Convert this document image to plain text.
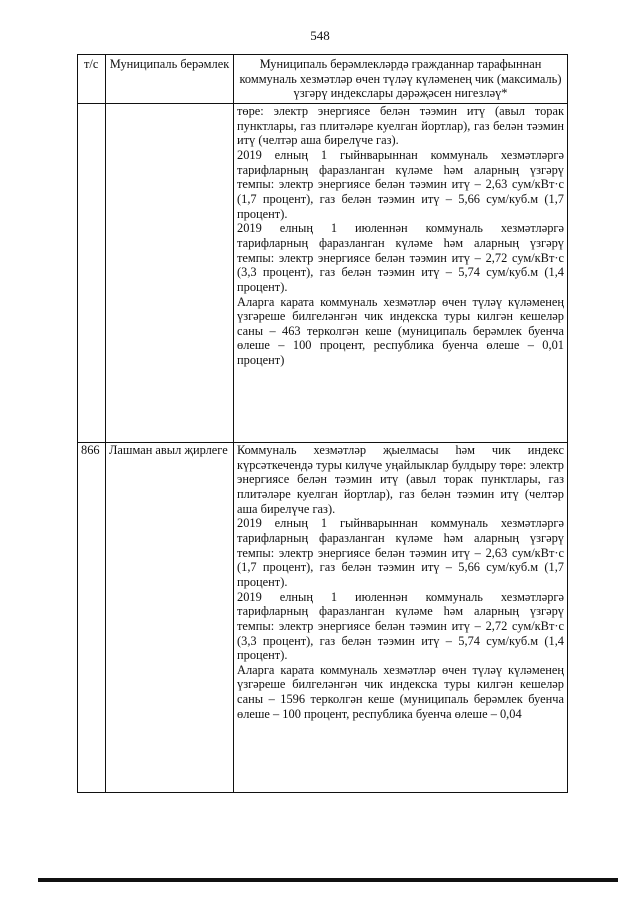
548
т/с	Муниципаль берәмлек	Муниципаль берәмлекләрдә гражданнар тарафыннан коммуналь хезмәтләр өчен түләү күләменең чик (максималь) үзгәрү индекслары дәрәҗәсен нигезләү*

		төре: электр энергиясе белән тәэмин итү (авыл торак пунктлары, газ плитәләре куелган йортлар), газ белән тәэмин итү (челтәр аша бирелүче газ).

2019 елның 1 гыйнварыннан коммуналь хезмәтләргә тарифларның фаразланган күләме һәм аларның үзгәрү темпы: электр энергиясе белән тәэмин итү – 2,63 сум/кВт·с (1,7 процент), газ белән тәэмин итү – 5,66 сум/куб.м (1,7 процент).

2019 елның 1 июленнән коммуналь хезмәтләргә тарифларның фаразланган күләме һәм аларның үзгәрү темпы: электр энергиясе белән тәэмин итү – 2,72 сум/кВт·с (3,3 процент), газ белән тәэмин итү – 5,74 сум/куб.м (1,4 процент).

Аларга карата коммуналь хезмәтләр өчен түләү күләменең үзгәреше билгеләнгән чик индекска туры килгән кешеләр саны – 463 терколгән кеше (муниципаль берәмлек буенча өлеше – 100 процент, республика буенча өлеше – 0,01 процент)

866	Лашман авыл җирлеге	Коммуналь хезмәтләр җыелмасы һәм чик индекс күрсәткечендә туры килүче уңайлыклар булдыру төре: электр энергиясе белән тәэмин итү (авыл торак пунктлары, газ плитәләре куелган йортлар), газ белән тәэмин итү (челтәр аша бирелүче газ).

2019 елның 1 гыйнварыннан коммуналь хезмәтләргә тарифларның фаразланган күләме һәм аларның үзгәрү темпы: электр энергиясе белән тәэмин итү – 2,63 сум/кВт·с (1,7 процент), газ белән тәэмин итү – 5,66 сум/куб.м (1,7 процент).

2019 елның 1 июленнән коммуналь хезмәтләргә тарифларның фаразланган күләме һәм аларның үзгәрү темпы: электр энергиясе белән тәэмин итү – 2,72 сум/кВт·с (3,3 процент), газ белән тәэмин итү – 5,74 сум/куб.м (1,4 процент).

Аларга карата коммуналь хезмәтләр өчен түләү күләменең үзгәреше билгеләнгән чик индекска туры килгән кешеләр саны – 1596 терколгән кеше (муниципаль берәмлек буенча өлеше – 100 процент, республика буенча өлеше – 0,04
